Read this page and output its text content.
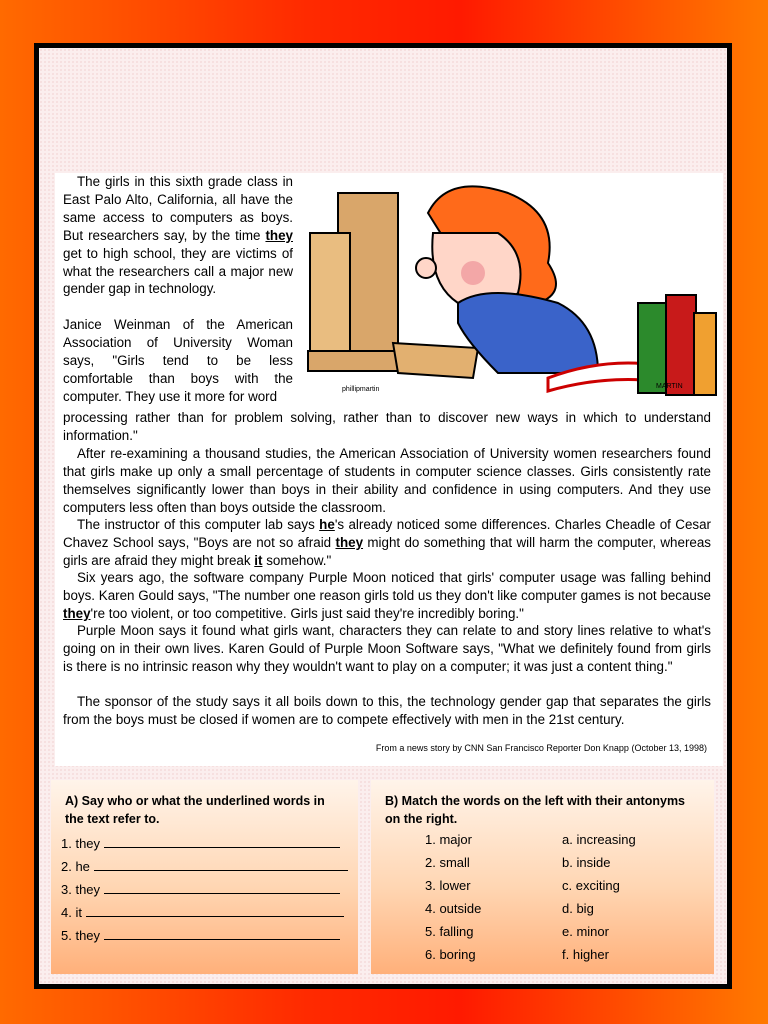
The girls in this sixth grade class in East Palo Alto, California, all have the same access to computers as boys. But researchers say, by the time they get to high school, they are victims of what the researchers call a major new gender gap in technology.

Janice Weinman of the American Association of University Woman says, "Girls tend to be less comfortable than boys with the computer. They use it more for word	phillipmartin	MARTIN

processing rather than for problem solving, rather than to discover new ways in which to understand information."

After re-examining a thousand studies, the American Association of University women researchers found that girls make up only a small percentage of students in computer science classes. Girls consistently rate themselves significantly lower than boys in their ability and confidence in using computers. And they use computers less often than boys outside the classroom.

The instructor of this computer lab says he's already noticed some differences. Charles Cheadle of Cesar Chavez School says, "Boys are not so afraid they might do something that will harm the computer, whereas girls are afraid they might break it somehow."

Six years ago, the software company Purple Moon noticed that girls' computer usage was falling behind boys. Karen Gould says, "The number one reason girls told us they don't like computer games is not because they're too violent, or too competitive. Girls just said they're incredibly boring."

Purple Moon says it found what girls want, characters they can relate to and story lines relative to what's going on in their own lives. Karen Gould of Purple Moon Software says, "What we definitely found from girls is there is no intrinsic reason why they wouldn't want to play on a computer; it was just a content thing."

The sponsor of the study says it all boils down to this, the technology gender gap that separates the girls from the boys must be closed if women are to compete effectively with men in the 21st century.

From a news story by CNN San Francisco Reporter Don Knapp (October 13, 1998)

A) Say who or what the underlined words in the text refer to.

1. they
2. he
3. they
4. it
5. they

B) Match the words on the left with their antonyms on the right.

1. major
2. small
3. lower
4. outside
5. falling
6. boring
a. increasing
b. inside
c. exciting
d. big
e. minor
f. higher
